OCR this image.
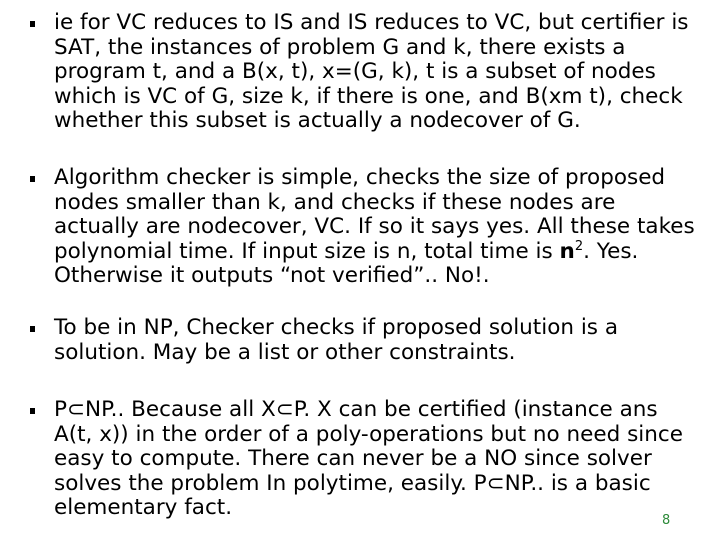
ie for VC reduces to IS and IS reduces to VC, but certifier is
SAT, the instances of problem G and k, there exists a
program t, and a B(x, t), x=(G, k), t is a subset of nodes
which is VC of G, size k, if there is one, and B(xm t), check
whether this subset is actually a nodecover of G.
Algorithm checker is simple, checks the size of proposed
nodes smaller than k, and checks if these nodes are
actually are nodecover, VC. If so it says yes. All these takes
polynomial time. If input size is n, total time is $n^2$. Yes.
Otherwise it outputs “not verified”.. No!.
To be in NP, Checker checks if proposed solution is a
solution. May be a list or other constraints.
P⊂NP.. Because all X⊂P. X can be certified (instance ans
A(t, x)) in the order of a poly-operations but no need since
easy to compute. There can never be a NO since solver
solves the problem In polytime, easily. P⊂NP.. is a basic
elementary fact.
8
